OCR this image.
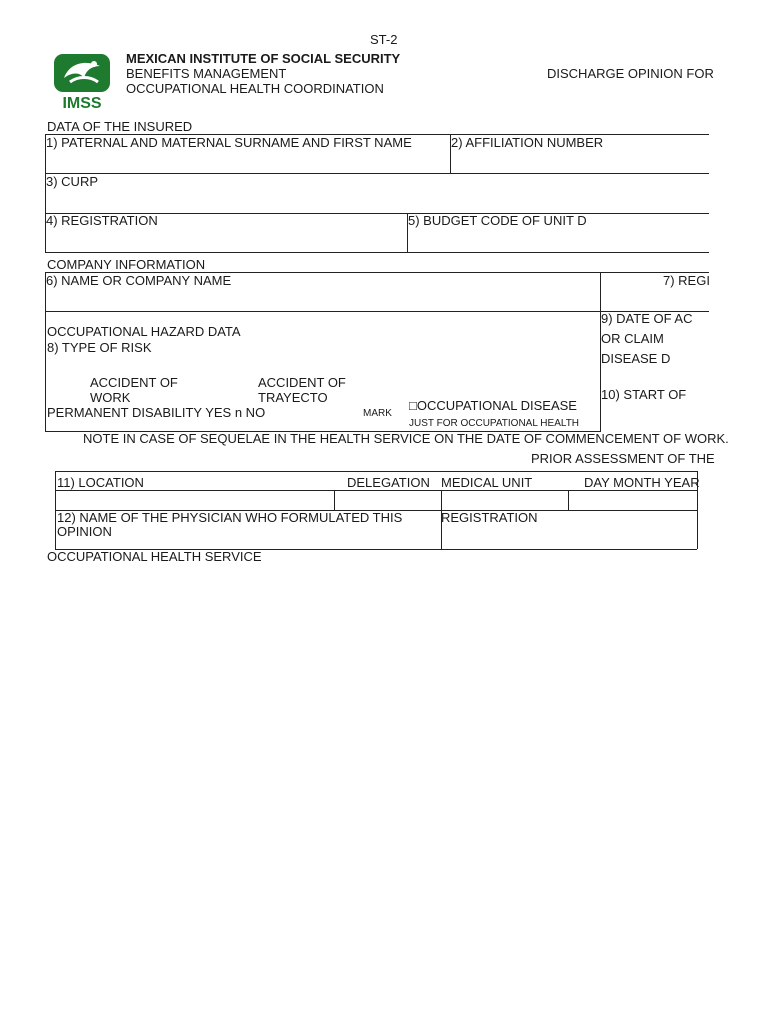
ST-2
IMSS
MEXICAN INSTITUTE OF SOCIAL SECURITY
BENEFITS MANAGEMENT
OCCUPATIONAL HEALTH COORDINATION
DISCHARGE OPINION FOR
DATA OF THE INSURED
1) PATERNAL AND MATERNAL SURNAME AND FIRST NAME	2) AFFILIATION NUMBER
3) CURP
4) REGISTRATION	5) BUDGET CODE OF UNIT D
COMPANY INFORMATION
6) NAME OR COMPANY NAME	7) REGI
OCCUPATIONAL HAZARD DATA
8) TYPE OF RISK
ACCIDENT OF
WORK
ACCIDENT OF
TRAYECTO
PERMANENT DISABILITY YES n NO	MARK
□OCCUPATIONAL DISEASE
JUST FOR OCCUPATIONAL HEALTH
9) DATE OF AC
OR CLAIM
DISEASE D
10) START OF
NOTE IN CASE OF SEQUELAE IN THE HEALTH SERVICE ON THE DATE OF COMMENCEMENT OF WORK.
PRIOR ASSESSMENT OF THE
11) LOCATION	DELEGATION MEDICAL UNIT	DAY MONTH YEAR
12) NAME OF THE PHYSICIAN WHO FORMULATED THIS
OPINION
REGISTRATION
OCCUPATIONAL HEALTH SERVICE
